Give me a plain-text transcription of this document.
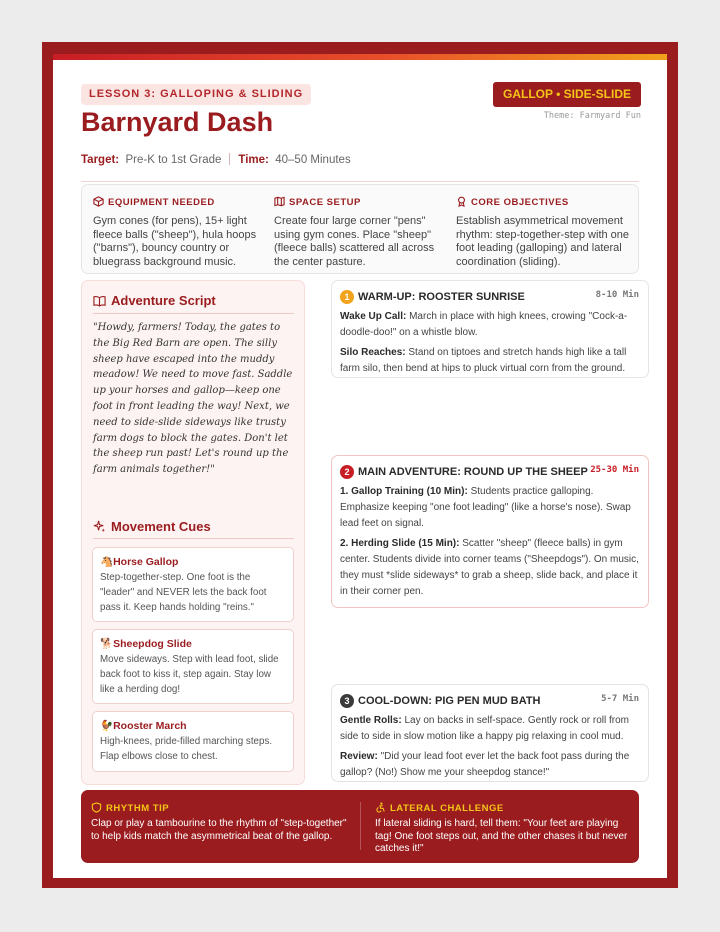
LESSON 3: GALLOPING & SLIDING
Barnyard Dash
Target: Pre-K to 1st Grade Time: 40–50 Minutes
GALLOP • SIDE-SLIDE
Theme: Farmyard Fun
EQUIPMENT NEEDED
Gym cones (for pens), 15+ light fleece balls ("sheep"), hula hoops ("barns"), bouncy country or bluegrass background music.
SPACE SETUP
Create four large corner "pens" using gym cones. Place "sheep" (fleece balls) scattered all across the center pasture.
CORE OBJECTIVES
Establish asymmetrical movement rhythm: step-together-step with one foot leading (galloping) and lateral coordination (sliding).
Adventure Script
"Howdy, farmers! Today, the gates to the Big Red Barn are open. The silly sheep have escaped into the muddy meadow! We need to move fast. Saddle up your horses and gallop—keep one foot in front leading the way! Next, we need to side-slide sideways like trusty farm dogs to block the gates. Don't let the sheep run past! Let's round up the farm animals together!"
Movement Cues
🐴Horse Gallop
Step-together-step. One foot is the "leader" and NEVER lets the back foot pass it. Keep hands holding "reins."
🐕Sheepdog Slide
Move sideways. Step with lead foot, slide back foot to kiss it, step again. Stay low like a herding dog!
🐓Rooster March
High-knees, pride-filled marching steps. Flap elbows close to chest.
1 WARM-UP: ROOSTER SUNRISE	8-10 Min

Wake Up Call: March in place with high knees, crowing "Cock-a-doodle-doo!" on a whistle blow.

Silo Reaches: Stand on tiptoes and stretch hands high like a tall farm silo, then bend at hips to pluck virtual corn from the ground.

2 MAIN ADVENTURE: ROUND UP THE SHEEP 25-30 Min

1. Gallop Training (10 Min): Students practice galloping. Emphasize keeping "one foot leading" (like a horse's nose). Swap lead feet on signal.

2. Herding Slide (15 Min): Scatter "sheep" (fleece balls) in gym center. Students divide into corner teams ("Sheepdogs"). On music, they must *slide sideways* to grab a sheep, slide back, and place it in their corner pen.

3 COOL-DOWN: PIG PEN MUD BATH	5-7 Min

Gentle Rolls: Lay on backs in self-space. Gently rock or roll from side to side in slow motion like a happy pig relaxing in cool mud.

Review: "Did your lead foot ever let the back foot pass during the gallop? (No!) Show me your sheepdog stance!"

RHYTHM TIP
Clap or play a tambourine to the rhythm of "step-together" to help kids match the asymmetrical beat of the gallop.
LATERAL CHALLENGE
If lateral sliding is hard, tell them: "Your feet are playing tag! One foot steps out, and the other chases it but never catches it!"
